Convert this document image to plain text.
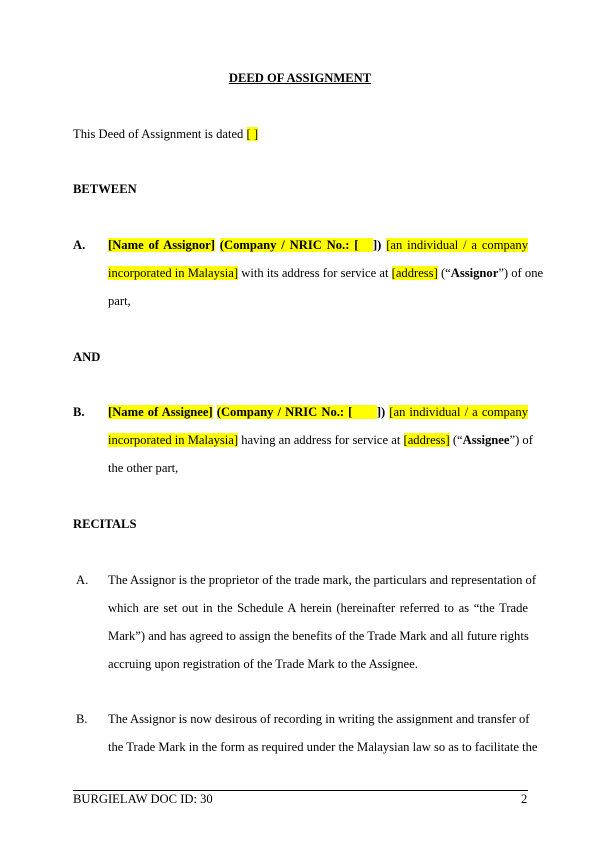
DEED OF ASSIGNMENT
This Deed of Assignment is dated [ ]
BETWEEN
A. [Name of Assignor] (Company / NRIC No.: [ ]) [an individual / a company
incorporated in Malaysia] with its address for service at [address] (“Assignor”) of one
part,
AND
B. [Name of Assignee] (Company / NRIC No.: [ ]) [an individual / a company
incorporated in Malaysia] having an address for service at [address] (“Assignee”) of
the other part,
RECITALS
A. The Assignor is the proprietor of the trade mark, the particulars and representation of
which are set out in the Schedule A herein (hereinafter referred to as “the Trade
Mark”) and has agreed to assign the benefits of the Trade Mark and all future rights
accruing upon registration of the Trade Mark to the Assignee.
B. The Assignor is now desirous of recording in writing the assignment and transfer of
the Trade Mark in the form as required under the Malaysian law so as to facilitate the
BURGIELAW DOC ID: 30	2
